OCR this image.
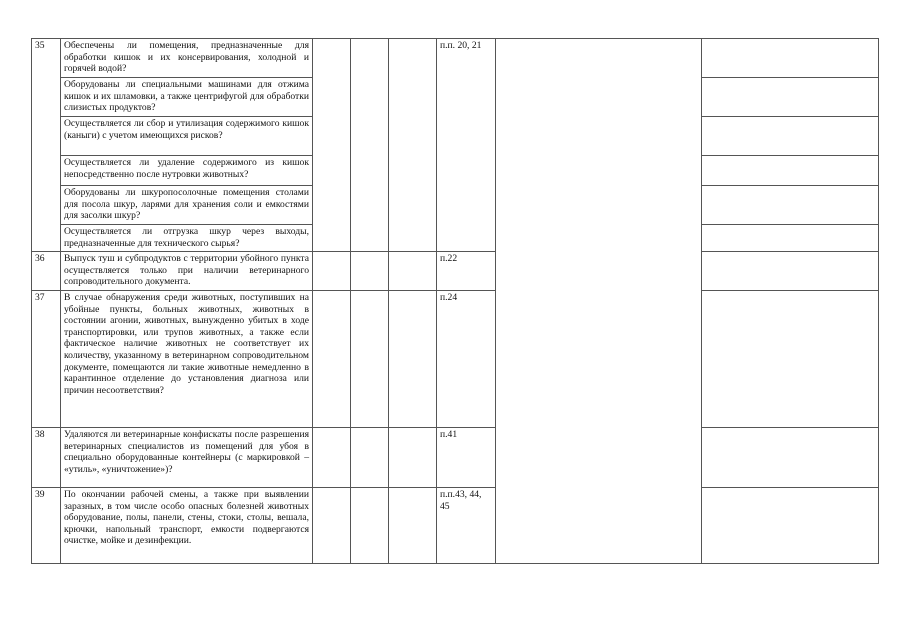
35	Обеспечены ли помещения, предназначенные для обработки кишок и их консервирования, холодной и горячей водой?				п.п. 20, 21		
	Оборудованы ли специальными машинами для отжима кишок и их шламовки, а также центрифугой для обработки слизистых продуктов?						
	Осуществляется ли сбор и утилизация содержимого кишок (каныги) с учетом имеющихся рисков?						
	Осуществляется ли удаление содержимого из кишок непосредственно после нутровки животных?						
	Оборудованы ли шкуропосолочные помещения столами для посола шкур, ларями для хранения соли и емкостями для засолки шкур?						
	Осуществляется ли отгрузка шкур через выходы, предназначенные для технического сырья?						
36	Выпуск туш и субпродуктов с территории убойного пункта осуществляется только при наличии ветеринарного сопроводительного документа.				п.22		
37	В случае обнаружения среди животных, поступивших на убойные пункты, больных животных, животных в состоянии агонии, животных, вынужденно убитых в ходе транспортировки, или трупов животных, а также если фактическое наличие животных не соответствует их количеству, указанному в ветеринарном сопроводительном документе, помещаются ли такие животные немедленно в карантинное отделение до установления диагноза или причин несоответствия?				п.24		
38	Удаляются ли ветеринарные конфискаты после разрешения ветеринарных специалистов из помещений для убоя в специально оборудованные контейнеры (с маркировкой – «утиль», «уничтожение»)?				п.41		
39	По окончании рабочей смены, а также при выявлении заразных, в том числе особо опасных болезней животных оборудование, полы, панели, стены, стоки, столы, вешала, крючки, напольный транспорт, емкости подвергаются очистке, мойке и дезинфекции.				п.п.43, 44, 45		
